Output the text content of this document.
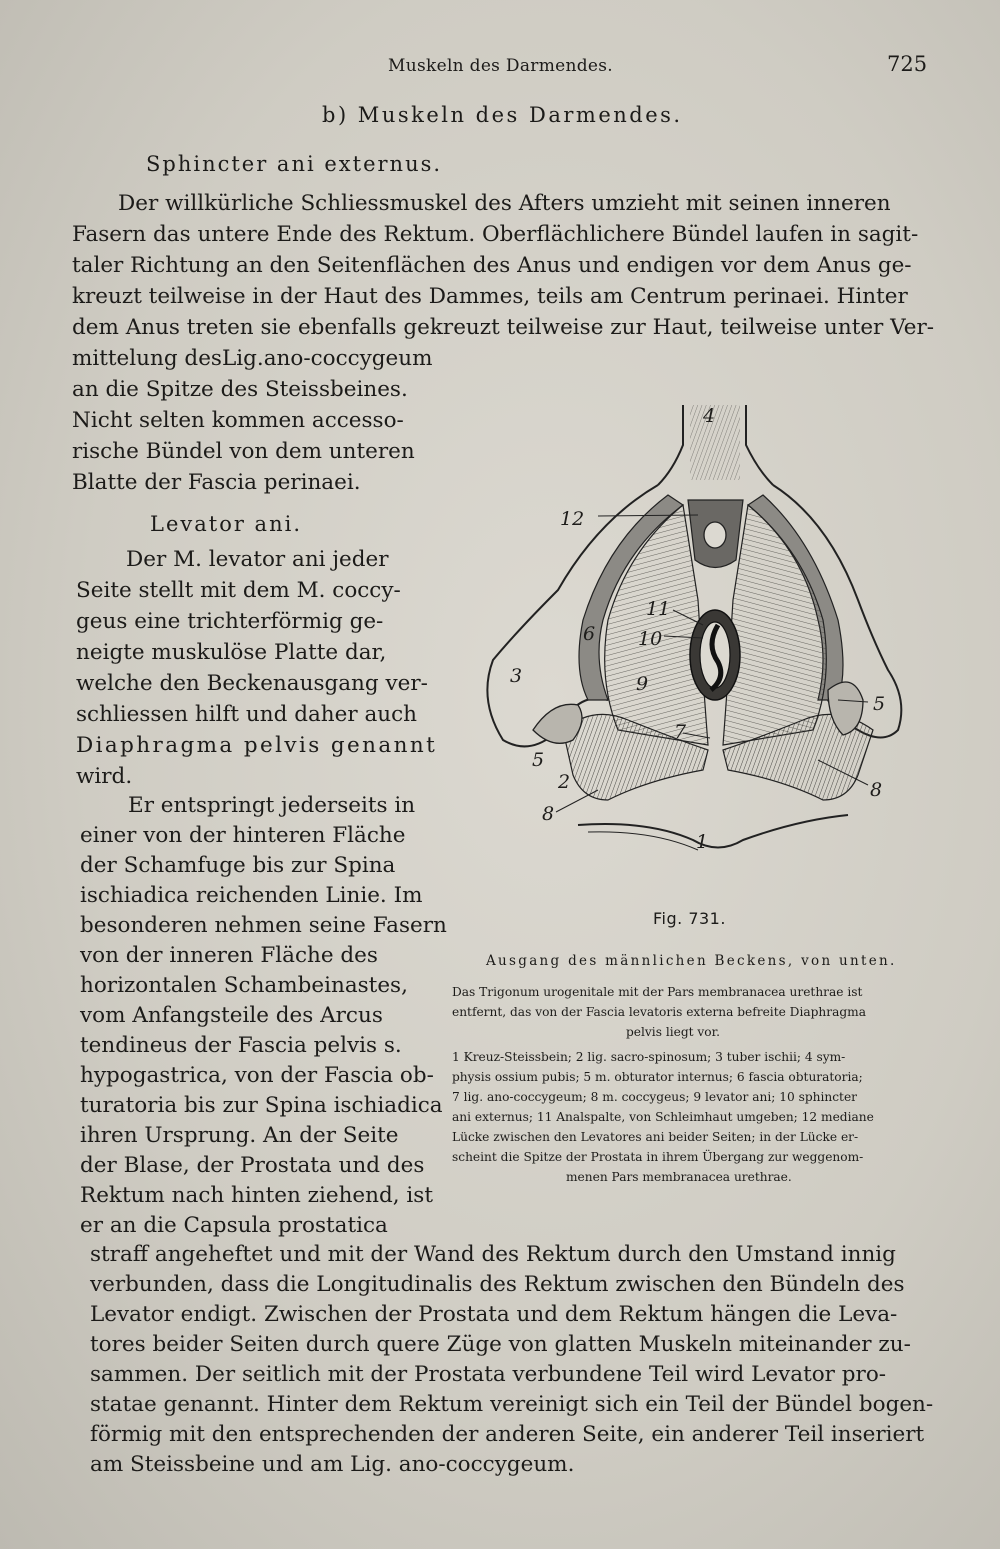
Muskeln des Darmendes.	725
b) Muskeln des Darmendes.
Sphincter ani externus.
Der willkürliche Schliessmuskel des Afters umzieht mit seinen inneren
Fasern das untere Ende des Rektum. Oberflächlichere Bündel laufen in sagit-
taler Richtung an den Seitenflächen des Anus und endigen vor dem Anus ge-
kreuzt teilweise in der Haut des Dammes, teils am Centrum perinaei. Hinter
dem Anus treten sie ebenfalls gekreuzt teilweise zur Haut, teilweise unter Ver-
mittelung desLig.ano-coccygeum
an die Spitze des Steissbeines.
Nicht selten kommen accesso-
rische Bündel von dem unteren
Blatte der Fascia perinaei.
Levator ani.
Der M. levator ani jeder
Seite stellt mit dem M. coccy-
geus eine trichterförmig ge-
neigte muskulöse Platte dar,
welche den Beckenausgang ver-
schliessen hilft und daher auch
Diaphragma pelvis genannt
wird.
Er entspringt jederseits in
einer von der hinteren Fläche
der Schamfuge bis zur Spina
ischiadica reichenden Linie. Im
besonderen nehmen seine Fasern
von der inneren Fläche des
horizontalen Schambeinastes,
vom Anfangsteile des Arcus
tendineus der Fascia pelvis s.
hypogastrica, von der Fascia ob-
turatoria bis zur Spina ischiadica
ihren Ursprung. An der Seite
der Blase, der Prostata und des
Rektum nach hinten ziehend, ist
er an die Capsula prostatica
straff angeheftet und mit der Wand des Rektum durch den Umstand innig
verbunden, dass die Longitudinalis des Rektum zwischen den Bündeln des
Levator endigt. Zwischen der Prostata und dem Rektum hängen die Leva-
tores beider Seiten durch quere Züge von glatten Muskeln miteinander zu-
sammen. Der seitlich mit der Prostata verbundene Teil wird Levator pro-
statae genannt. Hinter dem Rektum vereinigt sich ein Teil der Bündel bogen-
förmig mit den entsprechenden der anderen Seite, ein anderer Teil inseriert
am Steissbeine und am Lig. ano-coccygeum.
4
12
11
10
6
9
3
7
5
5
2
8
8
1
Fig. 731.
Ausgang des männlichen Beckens, von unten.
Das Trigonum urogenitale mit der Pars membranacea urethrae ist
entfernt, das von der Fascia levatoris externa befreite Diaphragma
pelvis liegt vor.
1 Kreuz-Steissbein; 2 lig. sacro-spinosum; 3 tuber ischii; 4 sym-
physis ossium pubis; 5 m. obturator internus; 6 fascia obturatoria;
7 lig. ano-coccygeum; 8 m. coccygeus; 9 levator ani; 10 sphincter
ani externus; 11 Analspalte, von Schleimhaut umgeben; 12 mediane
Lücke zwischen den Levatores ani beider Seiten; in der Lücke er-
scheint die Spitze der Prostata in ihrem Übergang zur weggenom-
menen Pars membranacea urethrae.
